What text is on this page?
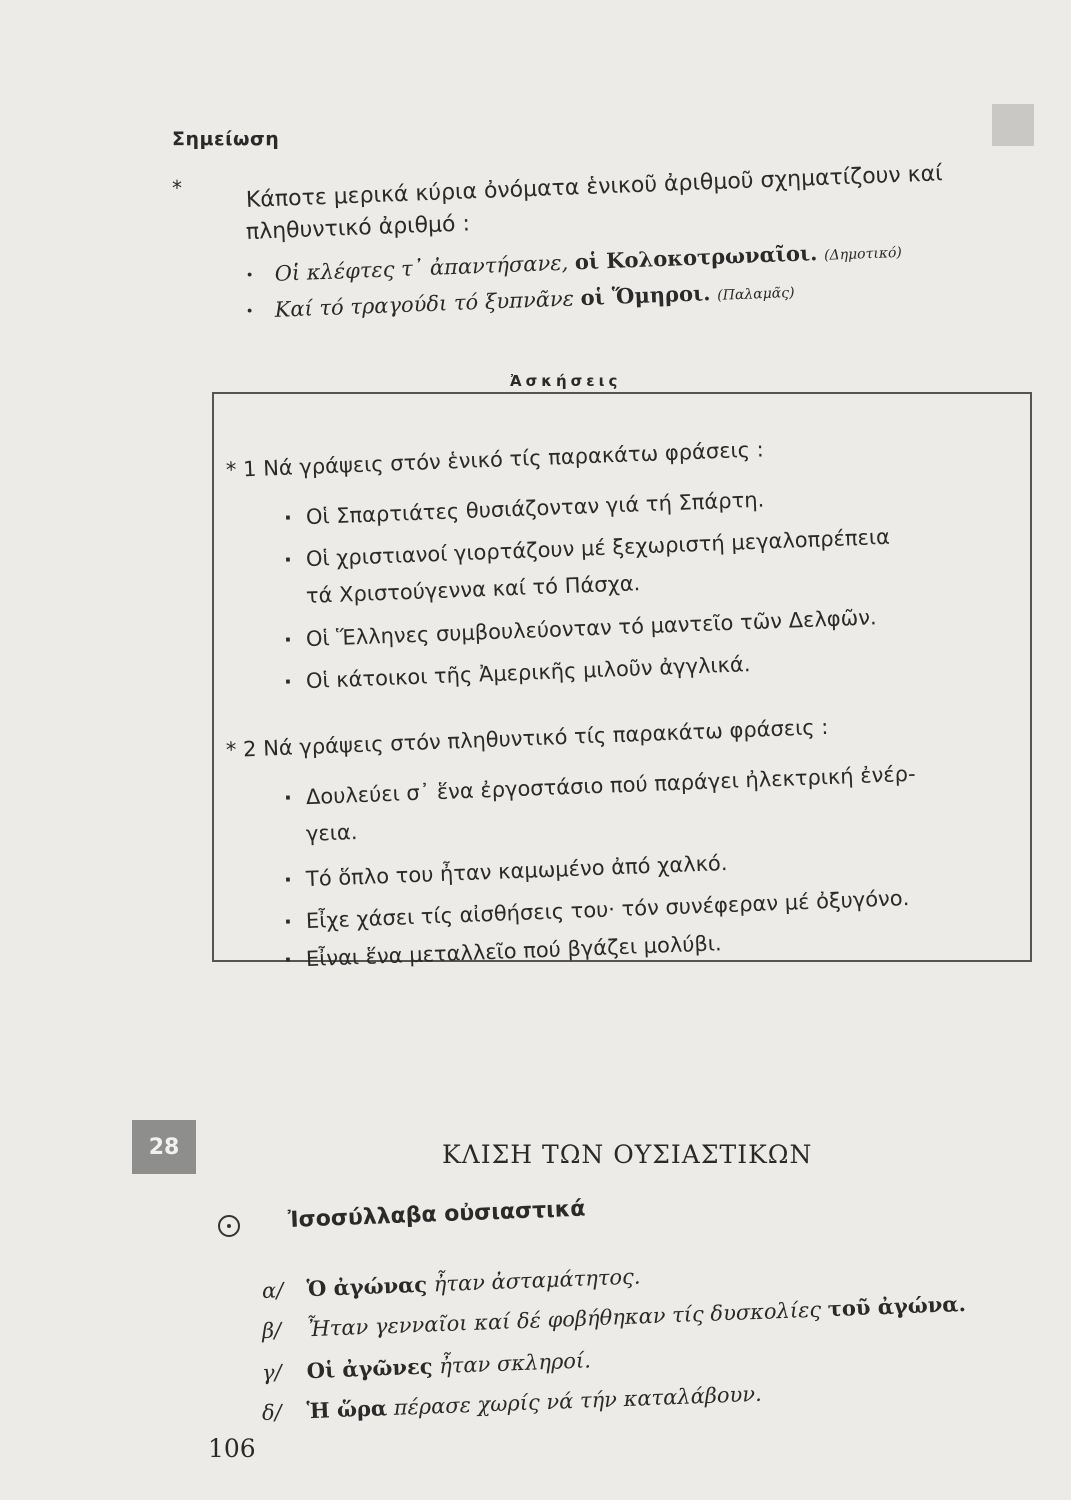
Σημείωση
*	Κάποτε μερικά κύρια ὀνόματα ἑνικοῦ ἀριθμοῦ σχηματίζουν καί
πληθυντικό ἀριθμό :
· Οἱ κλέφτες τ᾽ ἀπαντήσανε, οἱ Κολοκοτρωναῖοι. (Δημοτικό)
· Καί τό τραγούδι τό ξυπνᾶνε οἱ Ὅμηροι. (Παλαμᾶς)
Ἀσκήσεις
* 1 Νά γράψεις στόν ἑνικό τίς παρακάτω φράσεις :
· Οἱ Σπαρτιάτες θυσιάζονταν γιά τή Σπάρτη.
· Οἱ χριστιανοί γιορτάζουν μέ ξεχωριστή μεγαλοπρέπεια
τά Χριστούγεννα καί τό Πάσχα.
· Οἱ Ἕλληνες συμβουλεύονταν τό μαντεῖο τῶν Δελφῶν.
· Οἱ κάτοικοι τῆς Ἀμερικῆς μιλοῦν ἀγγλικά.
* 2 Νά γράψεις στόν πληθυντικό τίς παρακάτω φράσεις :
· Δουλεύει σ᾽ ἕνα ἐργοστάσιο πού παράγει ἠλεκτρική ἐνέρ-
γεια.
· Τό ὅπλο του ἦταν καμωμένο ἀπό χαλκό.
· Εἶχε χάσει τίς αἰσθήσεις του· τόν συνέφεραν μέ ὀξυγόνο.
· Εἶναι ἕνα μεταλλεῖο πού βγάζει μολύβι.
28	ΚΛΙΣΗ ΤΩΝ ΟΥΣΙΑΣΤΙΚΩΝ
Ἰσοσύλλαβα οὐσιαστικά
α/ Ὁ ἀγώνας ἦταν ἀσταμάτητος.
β/ Ἦταν γενναῖοι καί δέ φοβήθηκαν τίς δυσκολίες τοῦ ἀγώνα.
γ/ Οἱ ἀγῶνες ἦταν σκληροί.
δ/ Ἡ ὥρα πέρασε χωρίς νά τήν καταλάβουν.
106
